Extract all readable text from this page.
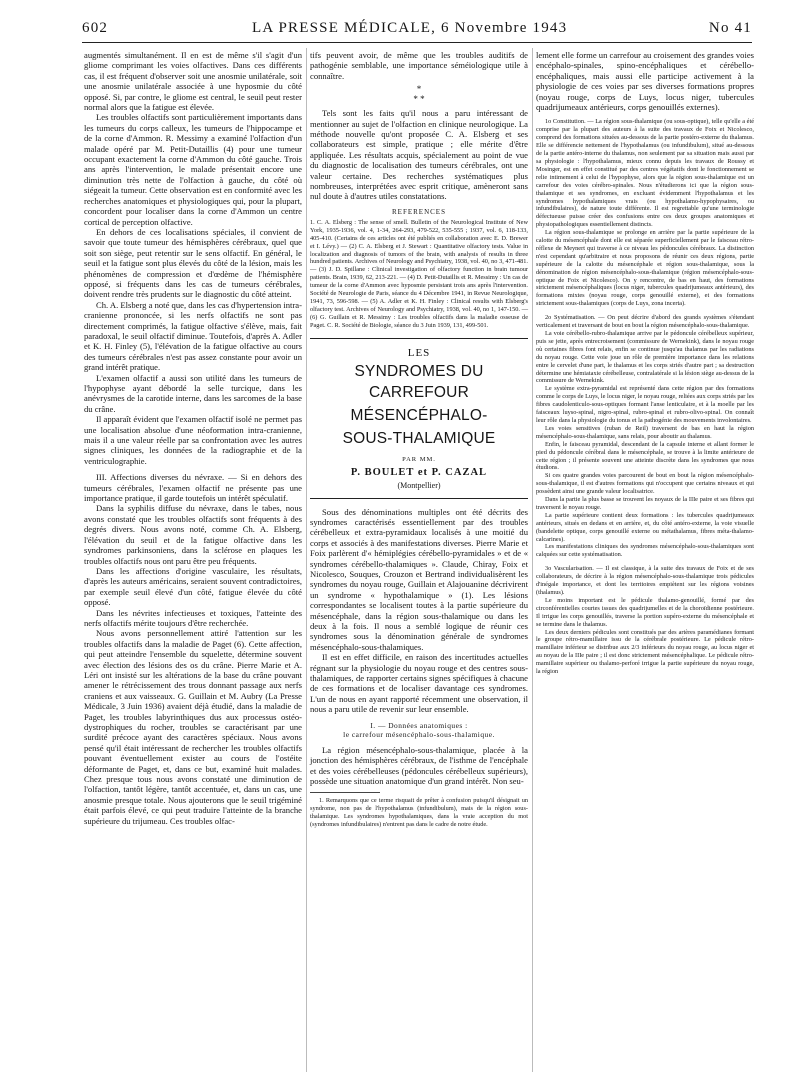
602	LA PRESSE MÉDICALE, 6 Novembre 1943	No 41

augmentés simultanément. Il en est de même s'il s'agit d'un gliome comprimant les voies olfactives. Dans ces différents cas, il est fréquent d'observer soit une anosmie unilatérale, soit une anosmie unilatérale associée à une hyposmie du côté opposé. Si, par contre, le gliome est central, le seuil peut rester normal alors que la fatigue est élevée.

Les troubles olfactifs sont particulièrement importants dans les tumeurs du corps calleux, les tumeurs de l'hippocampe et de la corne d'Ammon. R. Messimy a examiné l'olfaction d'un malade opéré par M. Petit-Dutaillis (4) pour une tumeur occupant exactement la corne d'Ammon du côté gauche. Trois ans après l'intervention, le malade présentait encore une diminution très nette de l'olfaction à gauche, du côté où siégeait la tumeur. Cette observation est en conformité avec les recherches anatomiques et physiologiques qui, pour la plupart, concordent pour localiser dans la corne d'Ammon un centre cortical de perception olfactive.

En dehors de ces localisations spéciales, il convient de savoir que toute tumeur des hémisphères cérébraux, quel que soit son siège, peut retentir sur le sens olfactif. En général, le seuil et la fatigue sont plus élevés du côté de la lésion, mais les phénomènes de compression et d'œdème de l'hémisphère opposé, si fréquents dans les cas de tumeurs cérébrales, doivent rendre très prudents sur le diagnostic du côté atteint.

Ch. A. Elsberg a noté que, dans les cas d'hypertension intra-cranienne prononcée, si les nerfs olfactifs ne sont pas directement comprimés, la fatigue olfactive s'élève, mais, fait paradoxal, le seuil olfactif diminue. Toutefois, d'après A. Adler et K. H. Finley (5), l'élévation de la fatigue olfactive au cours des tumeurs cérébrales n'est pas assez constante pour avoir un grand intérêt pratique.

L'examen olfactif a aussi son utilité dans les tumeurs de l'hypophyse ayant débordé la selle turcique, dans les anévrysmes de la carotide interne, dans les sarcomes de la base du crâne.

Il apparaît évident que l'examen olfactif isolé ne permet pas une localisation absolue d'une néoformation intra-cranienne, mais il a une valeur réelle par sa confrontation avec les autres signes cliniques, les données de la radiographie et de la ventriculographie.

III. Affections diverses du névraxe. — Si en dehors des tumeurs cérébrales, l'examen olfactif ne présente pas une importance pratique, il garde toutefois un intérêt spéculatif.

Dans la syphilis diffuse du névraxe, dans le tabes, nous avons constaté que les troubles olfactifs sont fréquents à des degrés divers. Nous avons noté, comme Ch. A. Elsberg, l'élévation du seuil et de la fatigue olfactive dans les syndromes parkinsoniens, dans la sclérose en plaques les troubles olfactifs nous ont paru être peu fréquents.

Dans les affections d'origine vasculaire, les résultats, d'après les auteurs américains, seraient souvent contradictoires, par exemple seuil élevé d'un côté, fatigue élevée du côté opposé.

Dans les névrites infectieuses et toxiques, l'atteinte des nerfs olfactifs mérite toujours d'être recherchée.

Nous avons personnellement attiré l'attention sur les troubles olfactifs dans la maladie de Paget (6). Cette affection, qui peut atteindre l'ensemble du squelette, détermine souvent avec élection des lésions des os du crâne. Pierre Marie et A. Léri ont insisté sur les altérations de la base du crâne pouvant amener le rétrécissement des trous donnant passage aux nerfs craniens et aux vaisseaux. G. Guillain et M. Aubry (La Presse Médicale, 3 Juin 1936) avaient déjà étudié, dans la maladie de Paget, les troubles labyrinthiques dus aux processus ostéo-dystrophiques du rocher, troubles se caractérisant par une surdité précoce ayant des caractères spéciaux. Nous avons pensé qu'il était intéressant de rechercher les troubles olfactifs pouvant éventuellement exister au cours de l'ostéite déformante de Paget, et, dans ce but, examiné huit malades. Chez presque tous nous avons constaté une diminution de l'olfaction, tantôt légère, tantôt accentuée, et, dans un cas, une anosmie presque totale. Nous ajouterons que le seuil trigéminé était parfois élevé, ce qui peut traduire l'atteinte de la branche supérieure du trijumeau. Ces troubles olfac-

tifs peuvent avoir, de même que les troubles auditifs de pathogénie semblable, une importance séméiologique utile à connaître.

*
* *

Tels sont les faits qu'il nous a paru intéressant de mentionner au sujet de l'olfaction en clinique neurologique. La méthode nouvelle qu'ont proposée C. A. Elsberg et ses collaborateurs est simple, pratique ; elle mérite d'être appliquée. Les résultats acquis, spécialement au point de vue du diagnostic de localisation des tumeurs cérébrales, ont une valeur certaine. Des recherches systématiques plus nombreuses, interprétées avec esprit critique, amèneront sans nul doute à d'autres utiles constatations.

REFERENCES

1. C. A. Elsberg : The sense of smell. Bulletin of the Neurological Institute of New York, 1935-1936, vol. 4, 1-34, 264-293, 479-522, 535-555 ; 1937, vol. 6, 118-133, 405-410. (Certains de ces articles ont été publiés en collaboration avec E. D. Brewer et I. Lévy.) — (2) C. A. Elsberg et J. Stewart : Quantitative olfactory tests. Value in localization and diagnosis of tumors of the brain, with analysis of results in three hundred patients. Archives of Neurology and Psychiatry, 1938, vol. 40, no 3, 471-481. — (3) J. D. Spillane : Clinical investigation of olfactory function in brain tumour patients. Brain, 1939, 62, 213-221. — (4) D. Petit-Dutaillis et R. Messimy : Un cas de tumeur de la corne d'Ammon avec hyposmie persistant trois ans après l'intervention. Société de Neurologie de Paris, séance du 4 Décembre 1941, in Revue Neurologique, 1941, 73, 596-598. — (5) A. Adler et K. H. Finley : Clinical results with Elsberg's olfactory test. Archives of Neurology and Psychiatry, 1938, vol. 40, no 1, 147-150. — (6) G. Guillain et R. Messimy : Les troubles olfactifs dans la maladie osseuse de Paget. C. R. Société de Biologie, séance du 3 Juin 1939, 131, 499-501.

LES
SYNDROMES DU CARREFOUR
MÉSENCÉPHALO-
SOUS-THALAMIQUE
PAR MM.
P. BOULET et P. CAZAL
(Montpellier)

Sous des dénominations multiples ont été décrits des syndromes caractérisés essentiellement par des troubles cérébelleux et extra-pyramidaux localisés à une moitié du corps et associés à des manifestations diverses. Pierre Marie et Foix parlèrent d'« hémiplégies cérébello-pyramidales » et de « syndromes cérébello-thalamiques ». Claude, Chiray, Foix et Nicolesco, Souques, Crouzon et Bertrand individualisèrent les syndromes du noyau rouge, Guillain et Alajouanine décrivirent un syndrome « hypothalamique » (1). Les lésions correspondantes se localisent toutes à la partie supérieure du mésencéphale, dans la région sous-thalamique ou dans les deux à la fois. Il nous a semblé logique de réunir ces syndromes sous la dénomination générale de syndromes mésencéphalo-sous-thalamiques.

Il est en effet difficile, en raison des incertitudes actuelles régnant sur la physiologie du noyau rouge et des centres sous-thalamiques, de rapporter certains signes spécifiques à chacune de ces formations et de localiser davantage ces syndromes. L'un de nous en ayant rapporté récemment une observation, il nous a paru utile de revenir sur leur ensemble.

I. — Données anatomiques :
le carrefour mésencéphalo-sous-thalamique.

La région mésencéphalo-sous-thalamique, placée à la jonction des hémisphères cérébraux, de l'isthme de l'encéphale et des voies cérébelleuses (pédoncules cérébelleux supérieurs), possède une situation anatomique d'un grand intérêt. Non seu-

1. Remarquons que ce terme risquait de prêter à confusion puisqu'il désignait un syndrome, non pas de l'hypothalamus (infundibulum), mais de la région sous-thalamique. Les syndromes hypothalamiques, dans la vraie acception du mot (syndromes infundibulaires) n'entrent pas dans le cadre de notre étude.

lement elle forme un carrefour au croisement des grandes voies encéphalo-spinales, spino-encéphaliques et cérébello-encéphaliques, mais aussi elle participe activement à la physiologie de ces voies par ses diverses formations propres (noyau rouge, corps de Luys, locus niger, tubercules quadrijumeaux antérieurs, corps genouillés externes).

1o Constitution. — La région sous-thalamique (ou sous-optique), telle qu'elle a été comprise par la plupart des auteurs à la suite des travaux de Foix et Nicolesco, comprend des formations situées au-dessous de la partie postéro-externe du thalamus. Elle se différencie nettement de l'hypothalamus (ou infundibulum), situé au-dessous de la partie antéro-interne du thalamus, non seulement par sa situation mais aussi par sa physiologie : l'hypothalamus, mieux connu depuis les travaux de Roussy et Mosinger, est en effet constitué par des centres végétatifs dont le fonctionnement se relie intimement à celui de l'hypophyse, alors que la région sous-thalamique est un carrefour des voies cérébro-spinales. Nous n'étudierons ici que la région sous-thalamique et ses syndromes, en excluant évidemment l'hypothalamus et les syndromes hypothalamiques vrais (ou hypothalamo-hypophysaires, ou infundibulaires), de nature toute différente. Il est regrettable qu'une terminologie défectueuse puisse créer des confusions entre ces deux groupes anatomiques et physiopathologiques essentiellement distincts.

La région sous-thalamique se prolonge en arrière par la partie supérieure de la calotte du mésencéphale dont elle est séparée superficiellement par le faisceau rétro-réflexe de Meynert qui traverse à ce niveau les pédoncules cérébraux. La distinction n'est cependant qu'arbitraire et nous proposons de réunir ces deux régions, partie supérieure de la calotte du mésencéphale et région sous-thalamique, sous la dénomination de région mésencéphalo-sous-thalamique (région mésencéphalo-sous-optique de Foix et Nicolesco). On y rencontre, de bas en haut, des formations strictement mésencéphaliques (locus niger, tubercules quadrijumeaux antérieurs), des formations mixtes (noyau rouge, corps genouillé externe), et des formations strictement sous-thalamiques (corps de Luys, zona incerta).

2o Systématisation. — On peut décrire d'abord des grands systèmes s'étendant verticalement et traversant de bout en bout la région mésencéphalo-sous-thalamique.

La voie cérébello-rubro-thalamique arrive par le pédoncule cérébelleux supérieur, puis se jette, après entrecroisement (commissure de Wernekink), dans le noyau rouge où certaines fibres font relais, enfin se continue jusqu'au thalamus par les radiations du noyau rouge. Cette voie joue un rôle de première importance dans les relations entre le cervelet d'une part, le thalamus et les corps striés d'autre part ; sa destruction détermine une hémiataxie cérébelleuse, contralatérale si la lésion siège au-dessus de la commissure de Wernekink.

Le système extra-pyramidal est représenté dans cette région par des formations comme le corps de Luys, le locus niger, le noyau rouge, reliées aux corps striés par les fibres caudolenticulo-sous-optiques formant l'anse lenticulaire, et à la moelle par les faisceaux luyso-spinal, nigro-spinal, rubro-spinal et rubro-olivo-spinal. On connaît leur rôle dans la physiologie du tonus et la pathogénie des mouvements involontaires.

Les voies sensitives (ruban de Reil) traversent de bas en haut la région mésencéphalo-sous-thalamique, sans relais, pour aboutir au thalamus.

Enfin, le faisceau pyramidal, descendant de la capsule interne et allant former le pied du pédoncule cérébral dans le mésencéphale, se trouve à la limite antérieure de cette région ; il présente souvent une atteinte discrète dans les syndromes que nous étudions.

Si ces quatre grandes voies parcourent de bout en bout la région mésencéphalo-sous-thalamique, il est d'autres formations qui n'occupent que certains niveaux et qui possèdent ainsi une grande valeur localisatrice.

Dans la partie la plus basse se trouvent les noyaux de la IIIe paire et ses fibres qui traversent le noyau rouge.

La partie supérieure contient deux formations : les tubercules quadrijumeaux antérieurs, situés en dedans et en arrière, et, du côté antéro-externe, la voie visuelle (bandelette optique, corps genouillé externe ou métathalamus, fibres méta-thalamo-calcarines).

Les manifestations cliniques des syndromes mésencéphalo-sous-thalamiques sont calquées sur cette systématisation.

3o Vascularisation. — Il est classique, à la suite des travaux de Foix et de ses collaborateurs, de décrire à la région mésencéphalo-sous-thalamique trois pédicules d'inégale importance, et dont les territoires empiètent sur les régions voisines (thalamus).

Le moins important est le pédicule thalamo-genouillé, formé par des circonférentielles courtes issues des quadrijumelles et de la choroïdienne postérieure. Il irrigue les corps genouillés, traverse la portion supéro-externe du mésencéphale et se termine dans le thalamus.

Les deux derniers pédicules sont constitués par des artères paramédianes formant le groupe rétro-mamillaire issu de la cérébrale postérieure. Le pédicule rétro-mamillaire inférieur se distribue aux 2/3 inférieurs du noyau rouge, au locus niger et au noyau de la IIIe paire ; il est donc strictement mésencéphalique. Le pédicule rétro-mamillaire supérieur ou thalamo-perforé irrigue la partie supérieure du noyau rouge, la région
